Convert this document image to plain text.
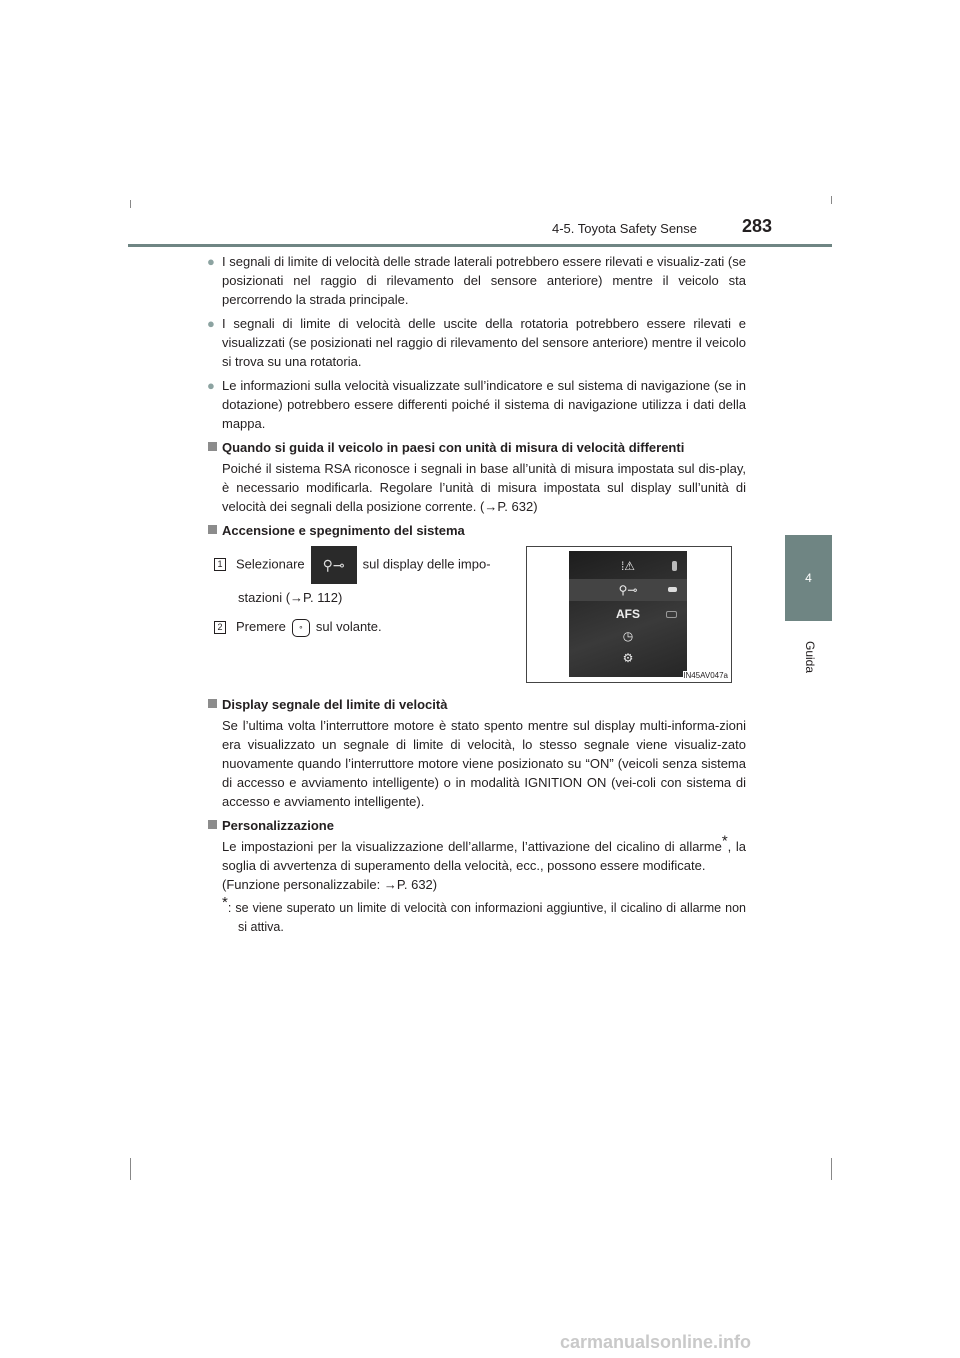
4-5. Toyota Safety Sense 283
4
Guida
● I segnali di limite di velocità delle strade laterali potrebbero essere rilevati e visualiz-zati (se posizionati nel raggio di rilevamento del sensore anteriore) mentre il veicolo sta percorrendo la strada principale.
● I segnali di limite di velocità delle uscite della rotatoria potrebbero essere rilevati e visualizzati (se posizionati nel raggio di rilevamento del sensore anteriore) mentre il veicolo si trova su una rotatoria.
● Le informazioni sulla velocità visualizzate sull’indicatore e sul sistema di navigazione (se in dotazione) potrebbero essere differenti poiché il sistema di navigazione utilizza i dati della mappa.
Quando si guida il veicolo in paesi con unità di misura di velocità differenti
Poiché il sistema RSA riconosce i segnali in base all’unità di misura impostata sul dis-play, è necessario modificarla. Regolare l’unità di misura impostata sul display sull’unità di velocità dei segnali della posizione corrente. (→P. 632)
Accensione e spegnimento del sistema
1 Selezionare ⚲⊸ sul display delle impo-
stazioni (→P. 112)
2 Premere ∘ sul volante.
⁞⚠
⚲⊸
AFS
◷
⚙
IN45AV047a
Display segnale del limite di velocità
Se l’ultima volta l’interruttore motore è stato spento mentre sul display multi-informa-zioni era visualizzato un segnale di limite di velocità, lo stesso segnale viene visualiz-zato nuovamente quando l’interruttore motore viene posizionato su “ON” (veicoli senza sistema di accesso e avviamento intelligente) o in modalità IGNITION ON (vei-coli con sistema di accesso e avviamento intelligente).
Personalizzazione
Le impostazioni per la visualizzazione dell’allarme, l’attivazione del cicalino di allarme*, la soglia di avvertenza di superamento della velocità, ecc., possono essere modificate.
(Funzione personalizzabile: →P. 632)
*: se viene superato un limite di velocità con informazioni aggiuntive, il cicalino di allarme non si attiva.
carmanualsonline.info
